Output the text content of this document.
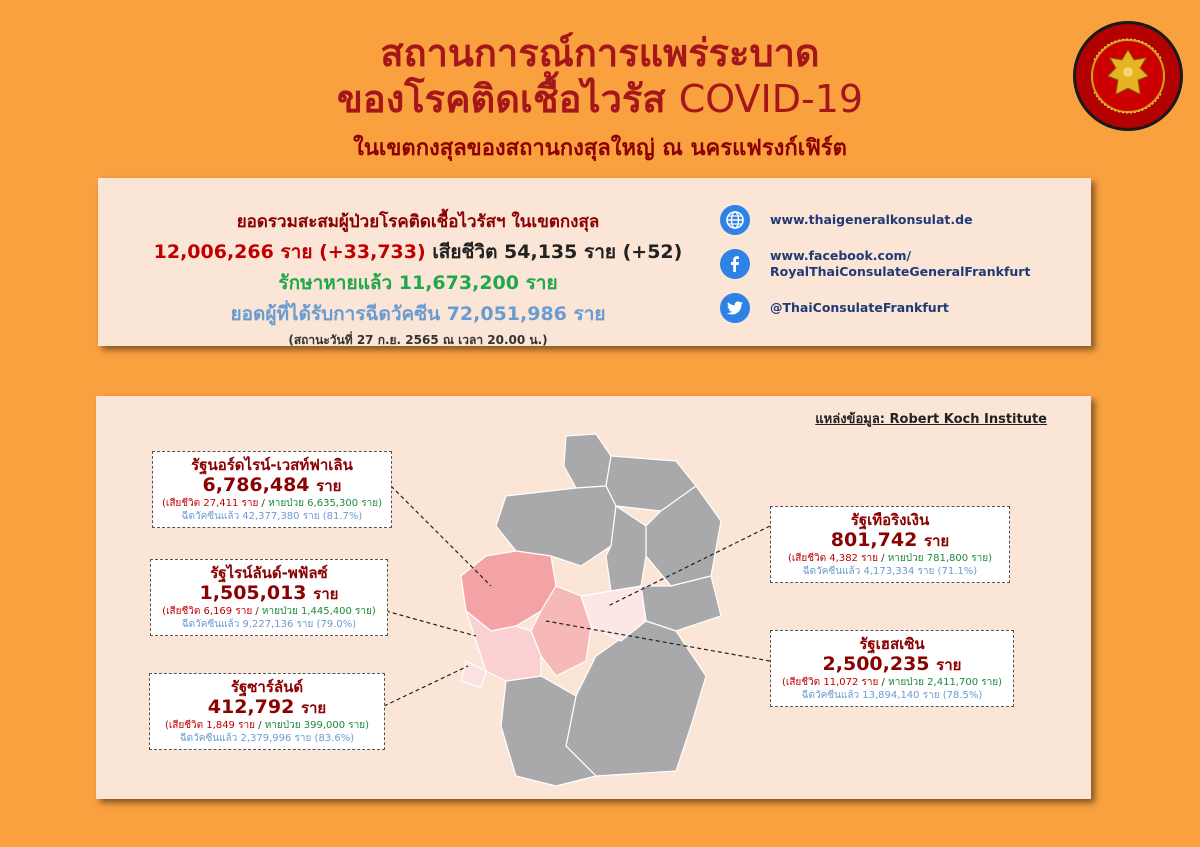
สถานการณ์การแพร่ระบาด
ของโรคติดเชื้อไวรัส COVID-19
ในเขตกงสุลของสถานกงสุลใหญ่ ณ นครแฟรงก์เฟิร์ต
ยอดรวมสะสมผู้ป่วยโรคติดเชื้อไวรัสฯ ในเขตกงสุล
12,006,266 ราย (+33,733) เสียชีวิต 54,135 ราย (+52)
รักษาหายแล้ว 11,673,200 ราย
ยอดผู้ที่ได้รับการฉีดวัคซีน 72,051,986 ราย
(สถานะวันที่ 27 ก.ย. 2565 ณ เวลา 20.00 น.)
www.thaigeneralkonsulat.de
www.facebook.com/
RoyalThaiConsulateGeneralFrankfurt
@ThaiConsulateFrankfurt
แหล่งข้อมูล: Robert Koch Institute
รัฐนอร์ดไรน์-เวสท์ฟาเลิน
6,786,484 ราย
(เสียชีวิต 27,411 ราย / หายป่วย 6,635,300 ราย)
ฉีดวัคซีนแล้ว 42,377,380 ราย (81.7%)
รัฐไรน์ลันด์-พฟัลซ์
1,505,013 ราย
(เสียชีวิต 6,169 ราย / หายป่วย 1,445,400 ราย)
ฉีดวัคซีนแล้ว 9,227,136 ราย (79.0%)
รัฐซาร์ลันด์
412,792 ราย
(เสียชีวิต 1,849 ราย / หายป่วย 399,000 ราย)
ฉีดวัคซีนแล้ว 2,379,996 ราย (83.6%)
รัฐเทือริงเงิน
801,742 ราย
(เสียชีวิต 4,382 ราย / หายป่วย 781,800 ราย)
ฉีดวัคซีนแล้ว 4,173,334 ราย (71.1%)
รัฐเฮสเซิน
2,500,235 ราย
(เสียชีวิต 11,072 ราย / หายป่วย 2,411,700 ราย)
ฉีดวัคซีนแล้ว 13,894,140 ราย (78.5%)
